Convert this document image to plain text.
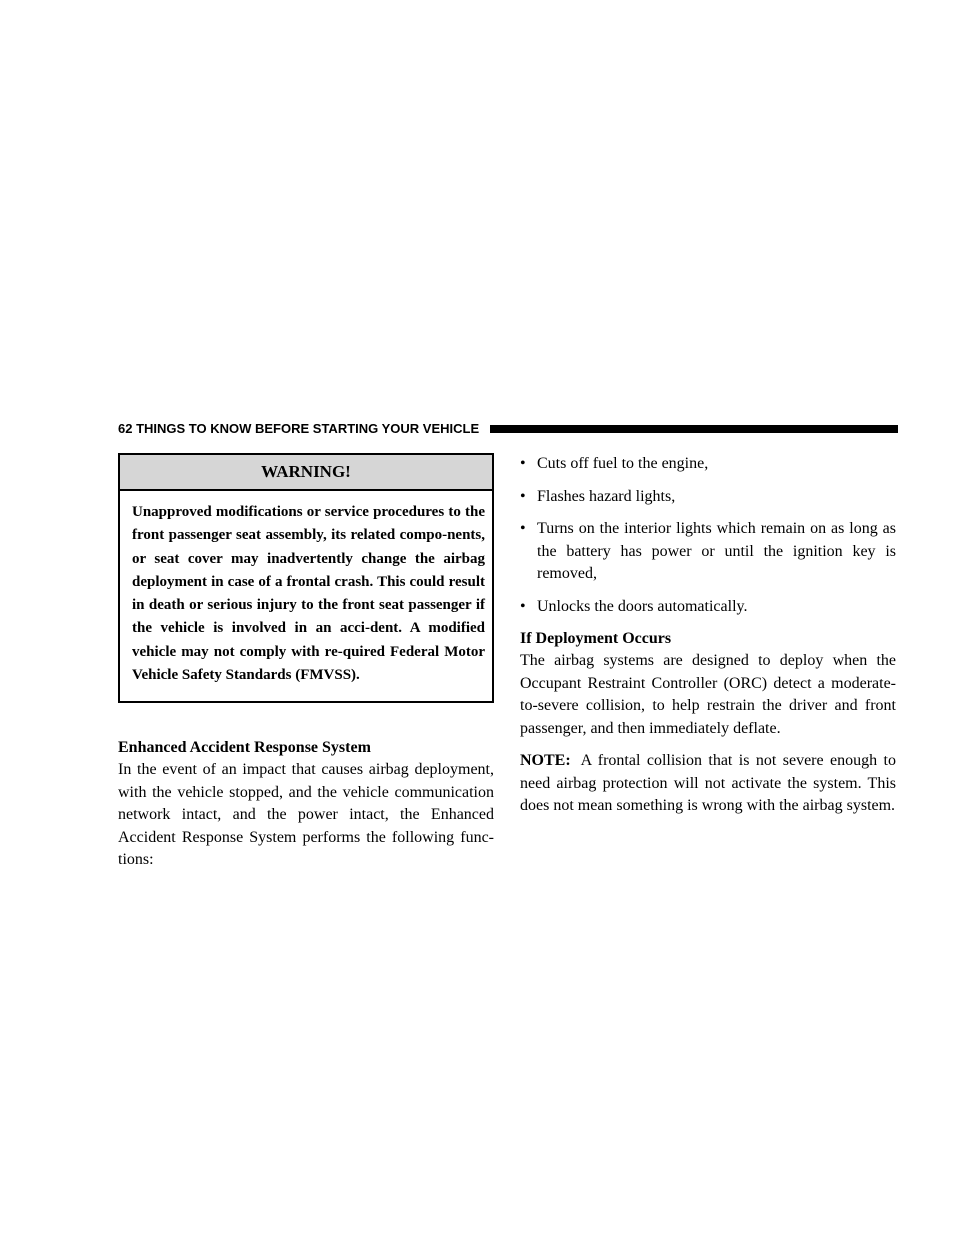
62 THINGS TO KNOW BEFORE STARTING YOUR VEHICLE
WARNING!
Unapproved modifications or service procedures to the front passenger seat assembly, its related compo-nents, or seat cover may inadvertently change the airbag deployment in case of a frontal crash. This could result in death or serious injury to the front seat passenger if the vehicle is involved in an acci-dent. A modified vehicle may not comply with re-quired Federal Motor Vehicle Safety Standards (FMVSS).
Enhanced Accident Response System

In the event of an impact that causes airbag deployment, with the vehicle stopped, and the vehicle communication network intact, and the power intact, the Enhanced Accident Response System performs the following func-tions:

• Cuts off fuel to the engine,
• Flashes hazard lights,
• Turns on the interior lights which remain on as long as the battery has power or until the ignition key is removed,
• Unlocks the doors automatically.
If Deployment Occurs

The airbag systems are designed to deploy when the Occupant Restraint Controller (ORC) detect a moderate-to-severe collision, to help restrain the driver and front passenger, and then immediately deflate.

NOTE: A frontal collision that is not severe enough to need airbag protection will not activate the system. This does not mean something is wrong with the airbag system.
